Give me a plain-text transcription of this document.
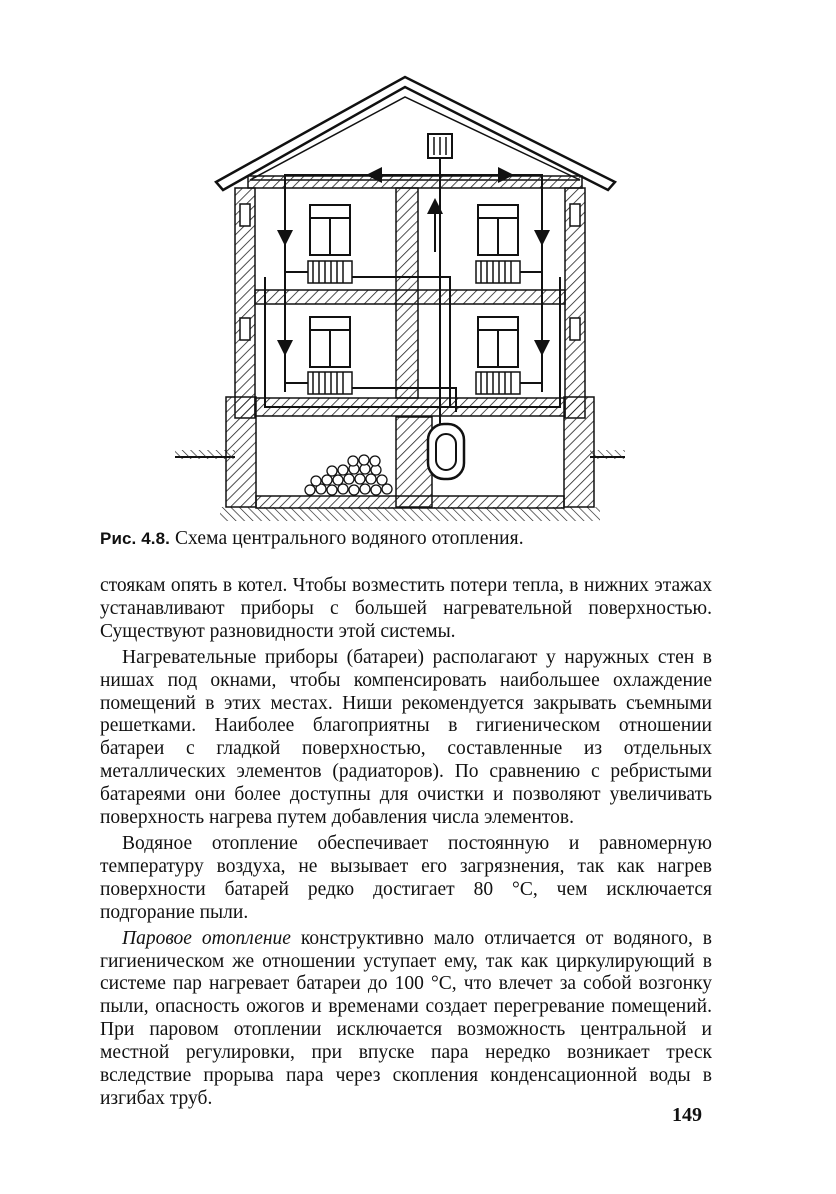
Рис. 4.8. Схема центрального водяного отопления.

стоякам опять в котел. Чтобы возместить потери тепла, в нижних этажах устанавливают приборы с большей нагревательной поверхностью. Существуют разновидности этой системы.

Нагревательные приборы (батареи) располагают у наружных стен в нишах под окнами, чтобы компенсировать наибольшее охлаждение помещений в этих местах. Ниши рекомендуется закрывать съемными решетками. Наиболее благоприятны в гигиеническом отношении батареи с гладкой поверхностью, составленные из отдельных металлических элементов (радиаторов). По сравнению с ребристыми батареями они более доступны для очистки и позволяют увеличивать поверхность нагрева путем добавления числа элементов.

Водяное отопление обеспечивает постоянную и равномерную температуру воздуха, не вызывает его загрязнения, так как нагрев поверхности батарей редко достигает 80 °С, чем исключается подгорание пыли.

Паровое отопление конструктивно мало отличается от водяного, в гигиеническом же отношении уступает ему, так как циркулирующий в системе пар нагревает батареи до 100 °С, что влечет за собой возгонку пыли, опасность ожогов и временами создает перегревание помещений. При паровом отоплении исключается возможность центральной и местной регулировки, при впуске пара нередко возникает треск вследствие прорыва пара через скопления конденсационной воды в изгибах труб.

149
